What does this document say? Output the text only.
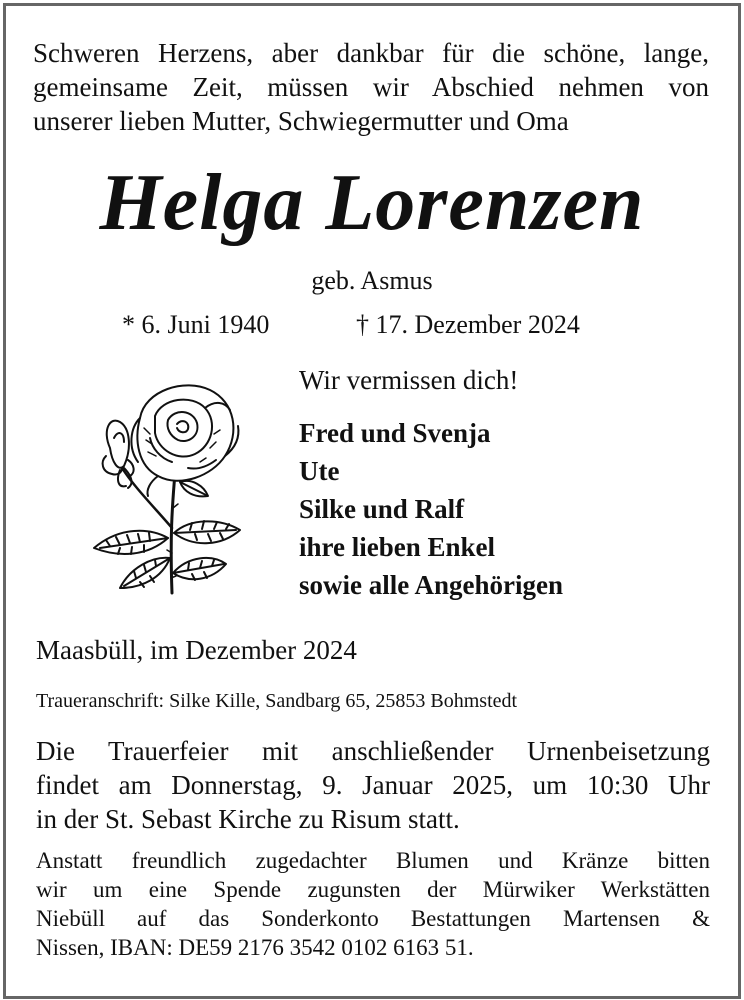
Schweren Herzens, aber dankbar für die schöne, lange,
gemeinsame Zeit, müssen wir Abschied nehmen von
unserer lieben Mutter, Schwiegermutter und Oma
Helga Lorenzen
geb. Asmus
* 6. Juni 1940	† 17. Dezember 2024
Wir vermissen dich!
Fred und Svenja
Ute
Silke und Ralf
ihre lieben Enkel
sowie alle Angehörigen
Maasbüll, im Dezember 2024
Traueranschrift: Silke Kille, Sandbarg 65, 25853 Bohmstedt
Die Trauerfeier mit anschließender Urnenbeisetzung
findet am Donnerstag, 9. Januar 2025, um 10:30 Uhr
in der St. Sebast Kirche zu Risum statt.
Anstatt freundlich zugedachter Blumen und Kränze bitten
wir um eine Spende zugunsten der Mürwiker Werkstätten
Niebüll auf das Sonderkonto Bestattungen Martensen &
Nissen, IBAN: DE59 2176 3542 0102 6163 51.
